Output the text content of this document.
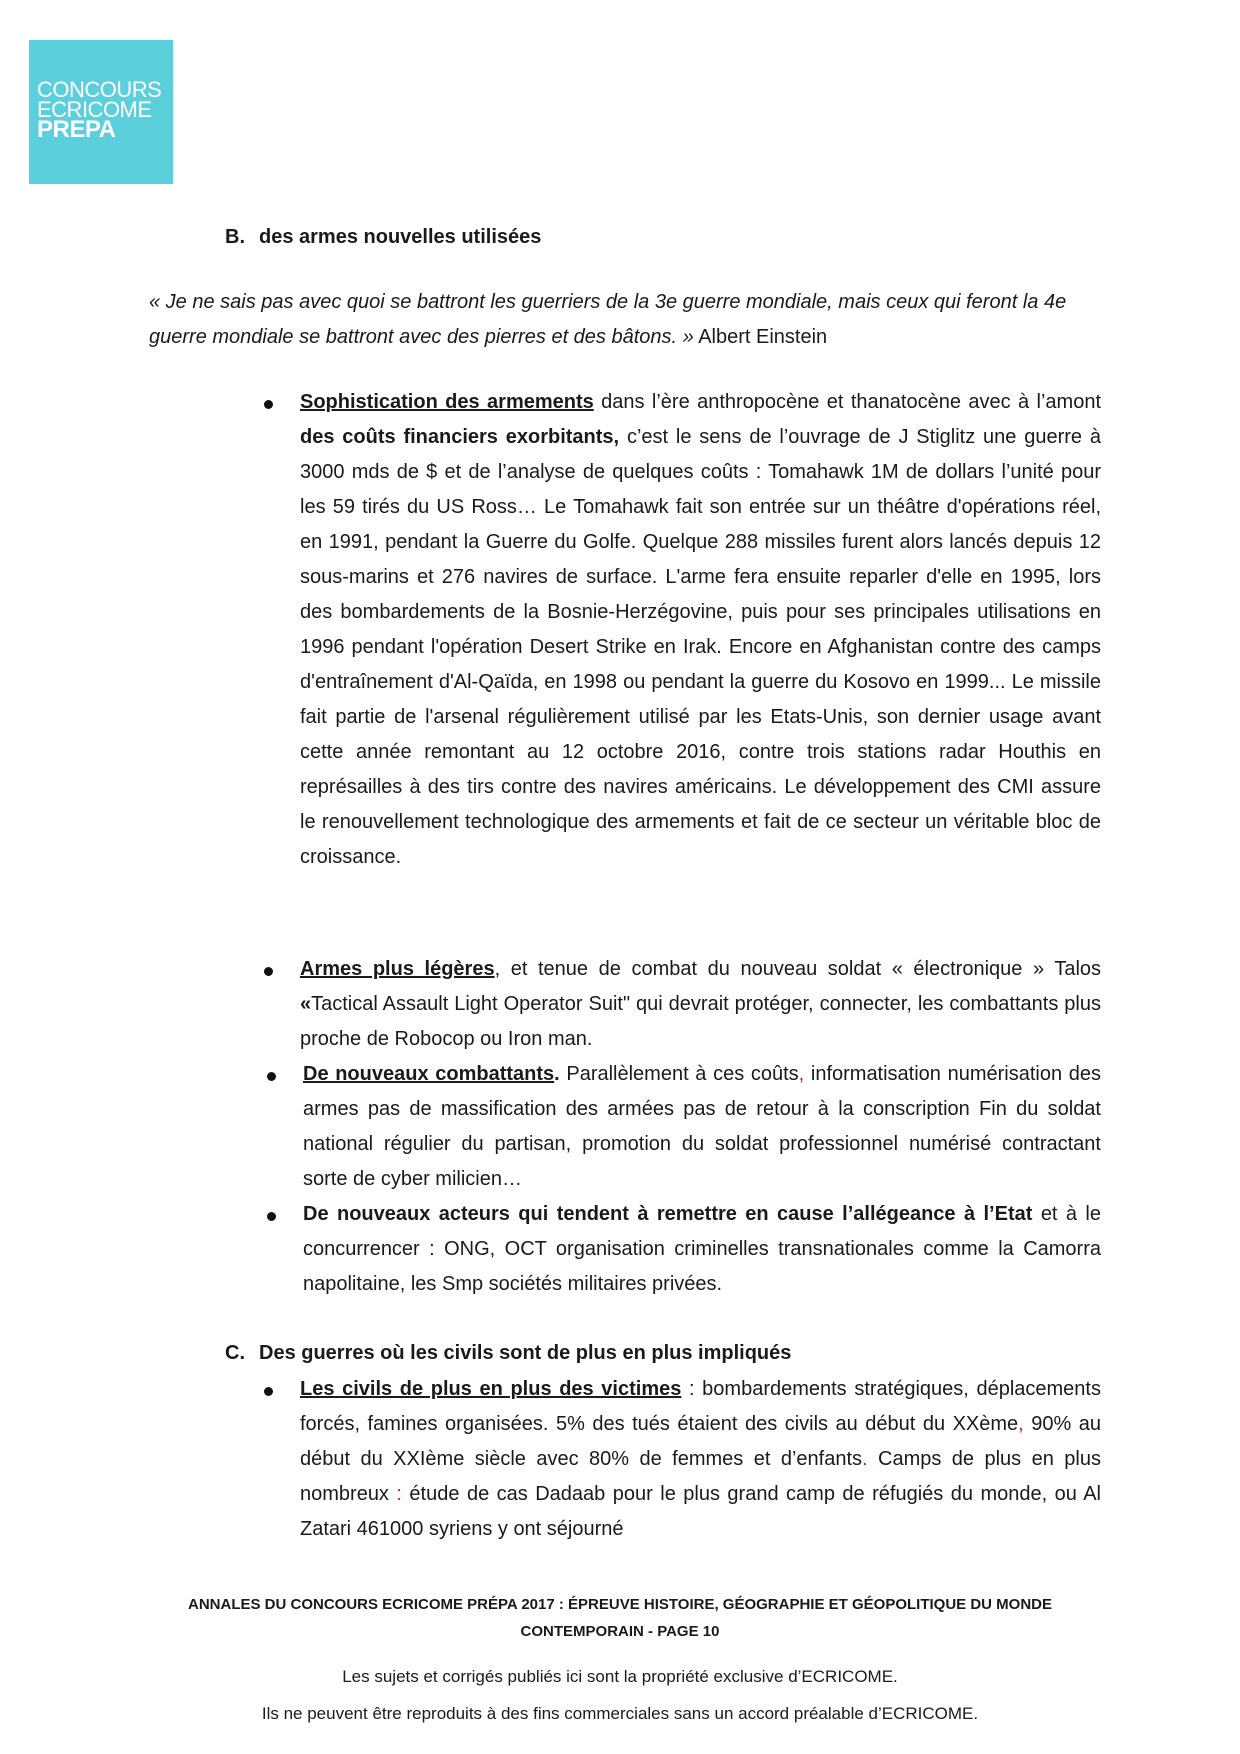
CONCOURS
ECRICOME
PREPA
B. des armes nouvelles utilisées
« Je ne sais pas avec quoi se battront les guerriers de la 3e guerre mondiale, mais ceux qui feront la 4e guerre mondiale se battront avec des pierres et des bâtons. » Albert Einstein
Sophistication des armements dans l’ère anthropocène et thanatocène avec à l’amont des coûts financiers exorbitants, c’est le sens de l’ouvrage de J Stiglitz une guerre à 3000 mds de $ et de l’analyse de quelques coûts : Tomahawk 1M de dollars l’unité pour les 59 tirés du US Ross… Le Tomahawk fait son entrée sur un théâtre d'opérations réel, en 1991, pendant la Guerre du Golfe. Quelque 288 missiles furent alors lancés depuis 12 sous-marins et 276 navires de surface. L'arme fera ensuite reparler d'elle en 1995, lors des bombardements de la Bosnie-Herzégovine, puis pour ses principales utilisations en 1996 pendant l'opération Desert Strike en Irak. Encore en Afghanistan contre des camps d'entraînement d'Al-Qaïda, en 1998 ou pendant la guerre du Kosovo en 1999... Le missile fait partie de l'arsenal régulièrement utilisé par les Etats-Unis, son dernier usage avant cette année remontant au 12 octobre 2016, contre trois stations radar Houthis en représailles à des tirs contre des navires américains. Le développement des CMI assure le renouvellement technologique des armements et fait de ce secteur un véritable bloc de croissance.
Armes plus légères, et tenue de combat du nouveau soldat « électronique » Talos «Tactical Assault Light Operator Suit" qui devrait protéger, connecter, les combattants plus proche de Robocop ou Iron man.
De nouveaux combattants. Parallèlement à ces coûts, informatisation numérisation des armes pas de massification des armées pas de retour à la conscription Fin du soldat national régulier du partisan, promotion du soldat professionnel numérisé contractant sorte de cyber milicien…
De nouveaux acteurs qui tendent à remettre en cause l’allégeance à l’Etat et à le concurrencer : ONG, OCT organisation criminelles transnationales comme la Camorra napolitaine, les Smp sociétés militaires privées.
C. Des guerres où les civils sont de plus en plus impliqués
Les civils de plus en plus des victimes : bombardements stratégiques, déplacements forcés, famines organisées. 5% des tués étaient des civils au début du XXème, 90% au début du XXIème siècle avec 80% de femmes et d’enfants. Camps de plus en plus nombreux : étude de cas Dadaab pour le plus grand camp de réfugiés du monde, ou Al Zatari 461000 syriens y ont séjourné
ANNALES DU CONCOURS ECRICOME PRÉPA 2017 : ÉPREUVE HISTOIRE, GÉOGRAPHIE ET GÉOPOLITIQUE DU MONDE
CONTEMPORAIN - PAGE 10
Les sujets et corrigés publiés ici sont la propriété exclusive d’ECRICOME.
Ils ne peuvent être reproduits à des fins commerciales sans un accord préalable d’ECRICOME.
